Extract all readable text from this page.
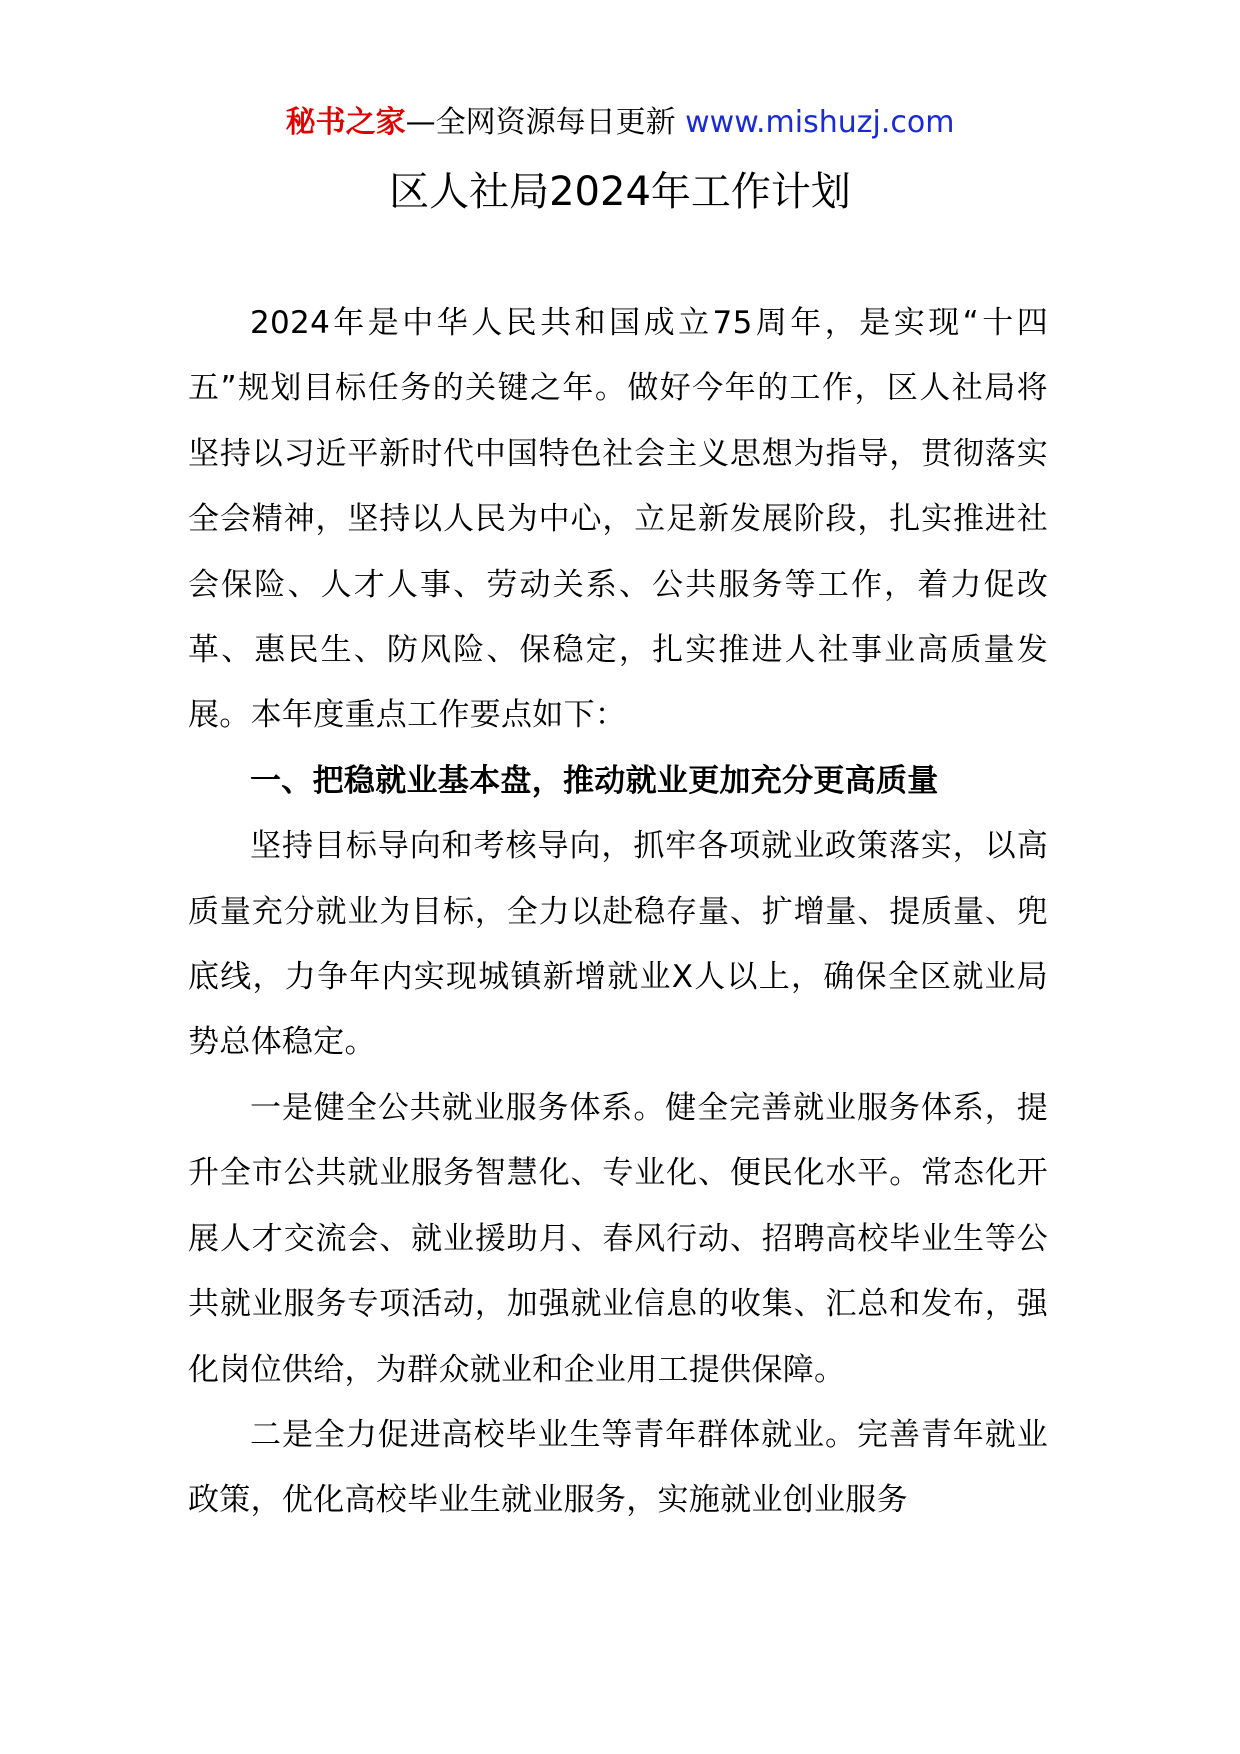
秘书之家—全网资源每日更新 www.mishuzj.com
区人社局2024年工作计划

2024年是中华人民共和国成立75周年，是实现“十四五”规划目标任务的关键之年。做好今年的工作，区人社局将坚持以习近平新时代中国特色社会主义思想为指导，贯彻落实全会精神，坚持以人民为中心，立足新发展阶段，扎实推进社会保险、人才人事、劳动关系、公共服务等工作，着力促改革、惠民生、防风险、保稳定，扎实推进人社事业高质量发展。本年度重点工作要点如下：

一、把稳就业基本盘，推动就业更加充分更高质量

坚持目标导向和考核导向，抓牢各项就业政策落实，以高质量充分就业为目标，全力以赴稳存量、扩增量、提质量、兜底线，力争年内实现城镇新增就业X人以上，确保全区就业局势总体稳定。

一是健全公共就业服务体系。健全完善就业服务体系，提升全市公共就业服务智慧化、专业化、便民化水平。常态化开展人才交流会、就业援助月、春风行动、招聘高校毕业生等公共就业服务专项活动，加强就业信息的收集、汇总和发布，强化岗位供给，为群众就业和企业用工提供保障。

二是全力促进高校毕业生等青年群体就业。完善青年就业政策，优化高校毕业生就业服务，实施就业创业服务
